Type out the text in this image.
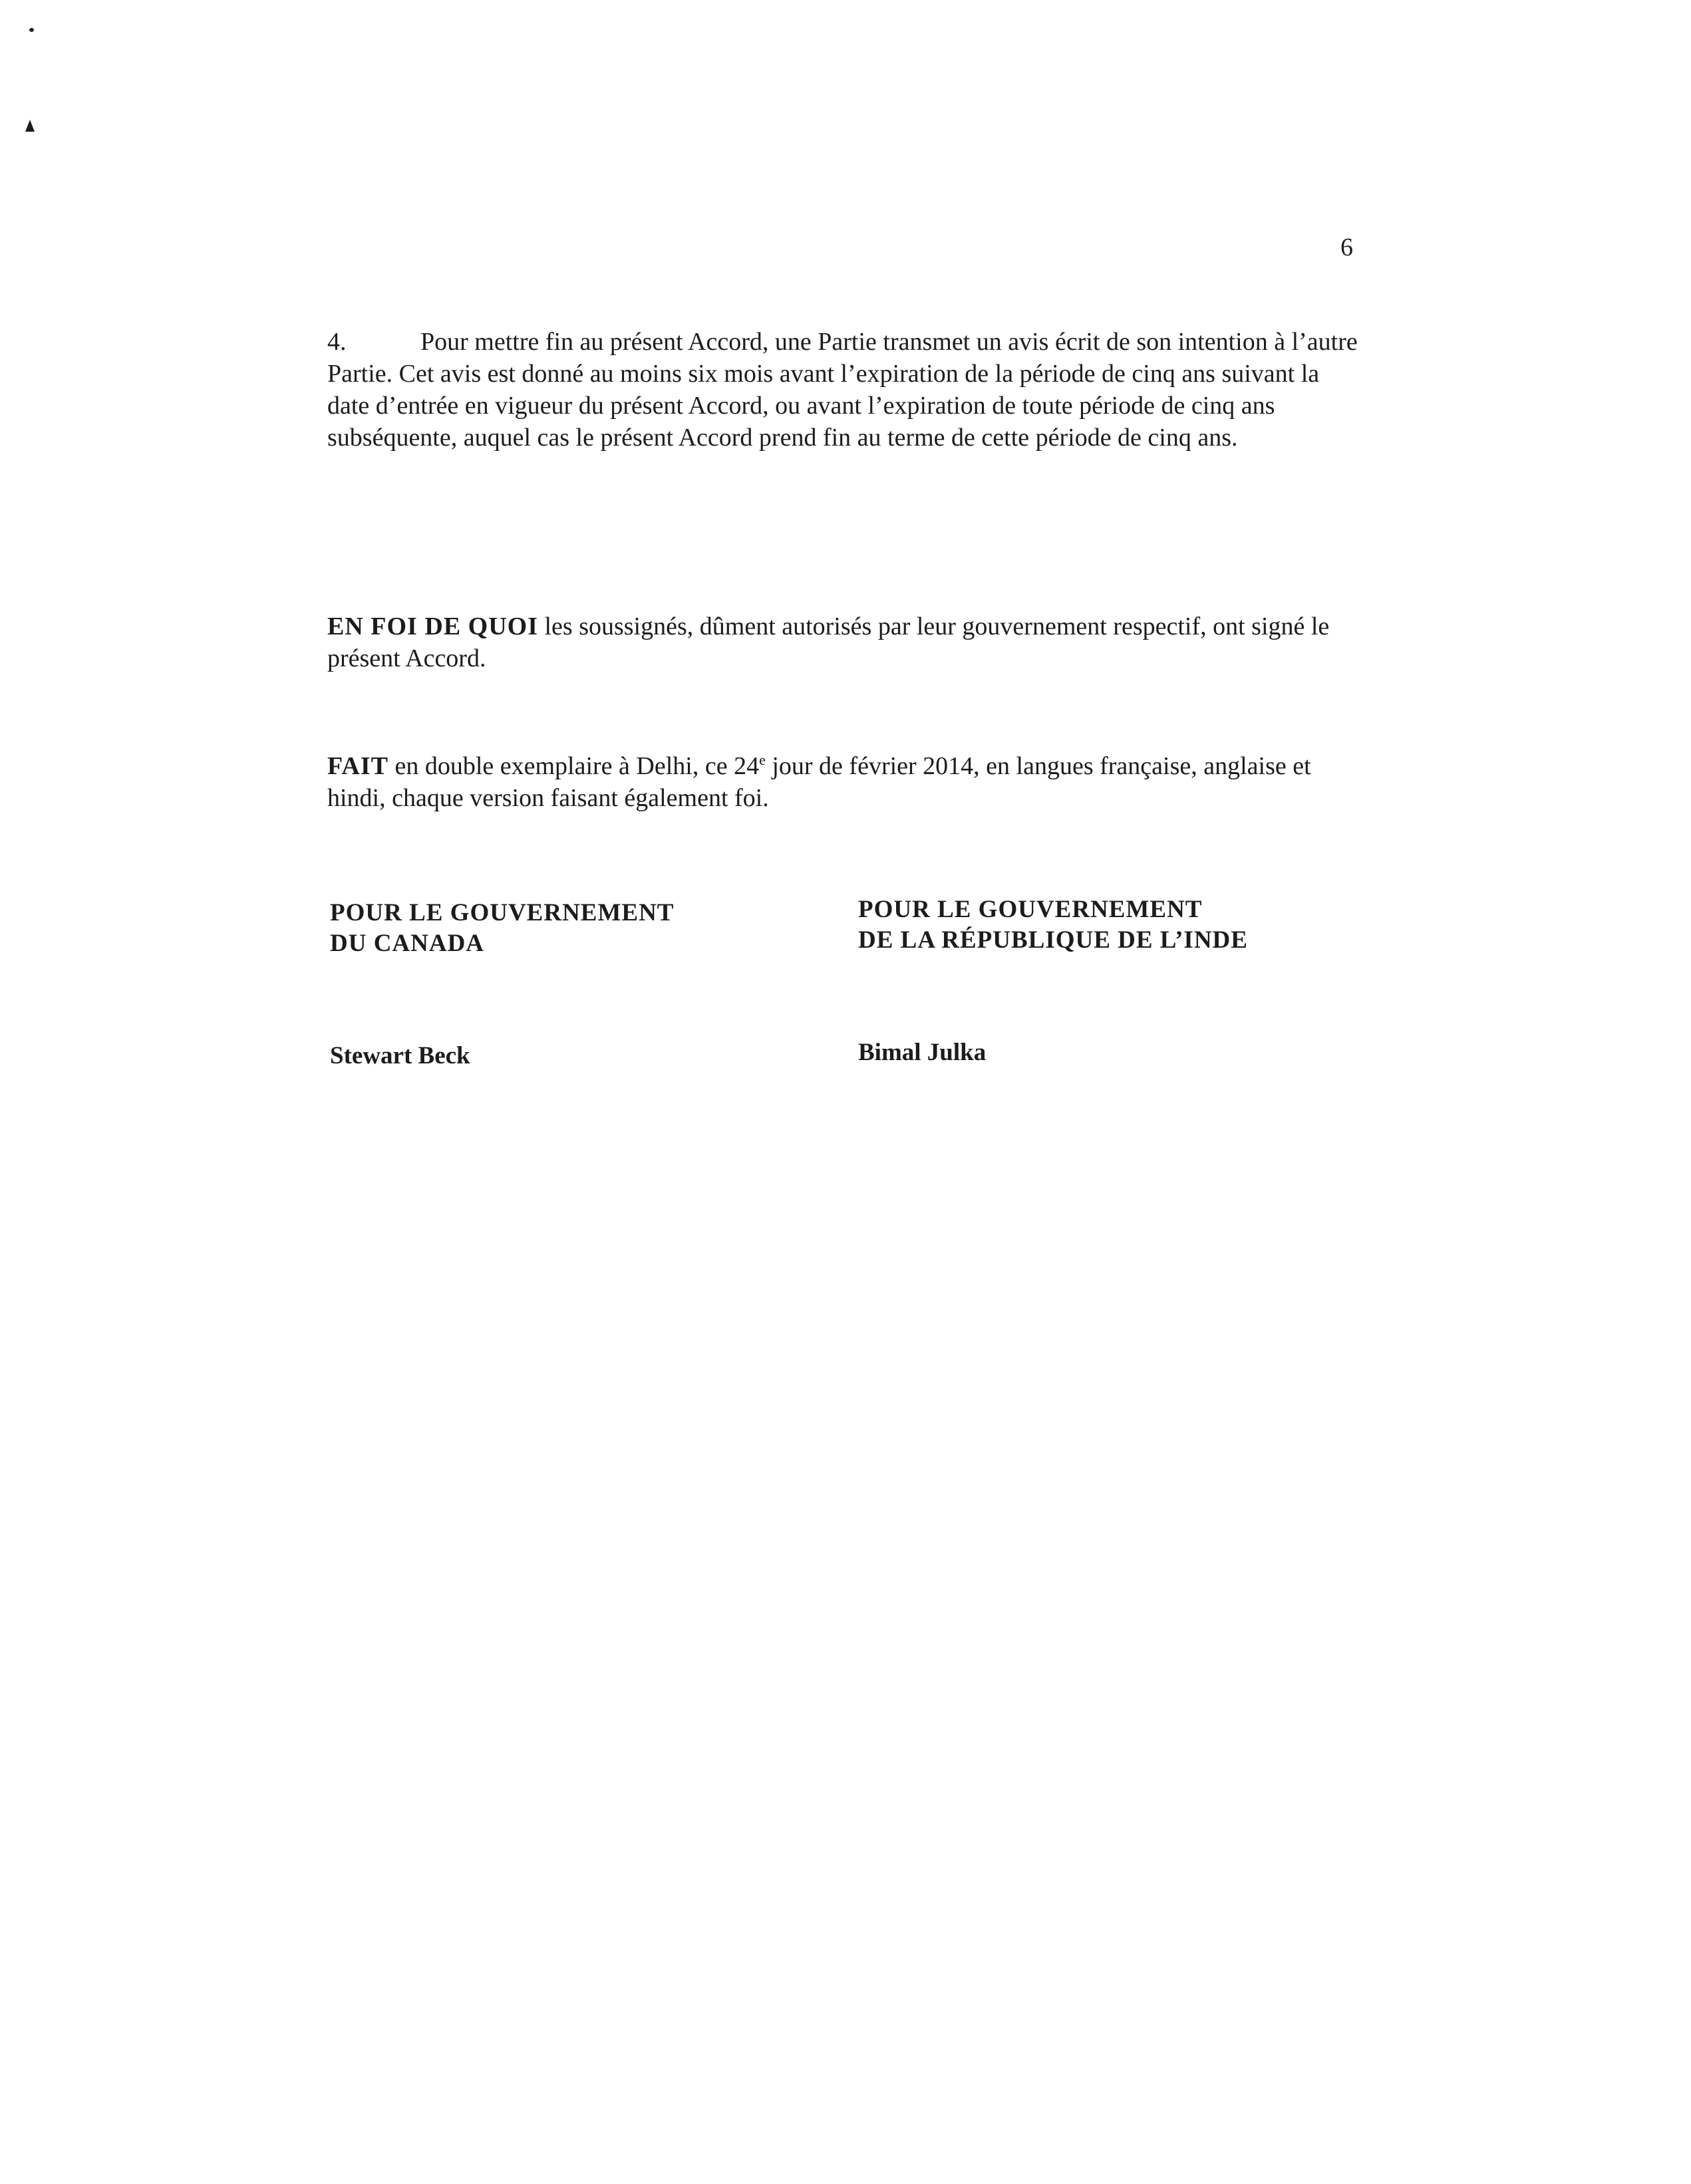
6

4.	Pour mettre fin au présent Accord, une Partie transmet un avis écrit de son intention à l’autre Partie. Cet avis est donné au moins six mois avant l’expiration de la période de cinq ans suivant la date d’entrée en vigueur du présent Accord, ou avant l’expiration de toute période de cinq ans subséquente, auquel cas le présent Accord prend fin au terme de cette période de cinq ans.

EN FOI DE QUOI les soussignés, dûment autorisés par leur gouvernement respectif, ont signé le présent Accord.

FAIT en double exemplaire à Delhi, ce 24e jour de février 2014, en langues française, anglaise et hindi, chaque version faisant également foi.

POUR LE GOUVERNEMENT
DU CANADA
POUR LE GOUVERNEMENT
DE LA RÉPUBLIQUE DE L’INDE
Stewart Beck	Bimal Julka
